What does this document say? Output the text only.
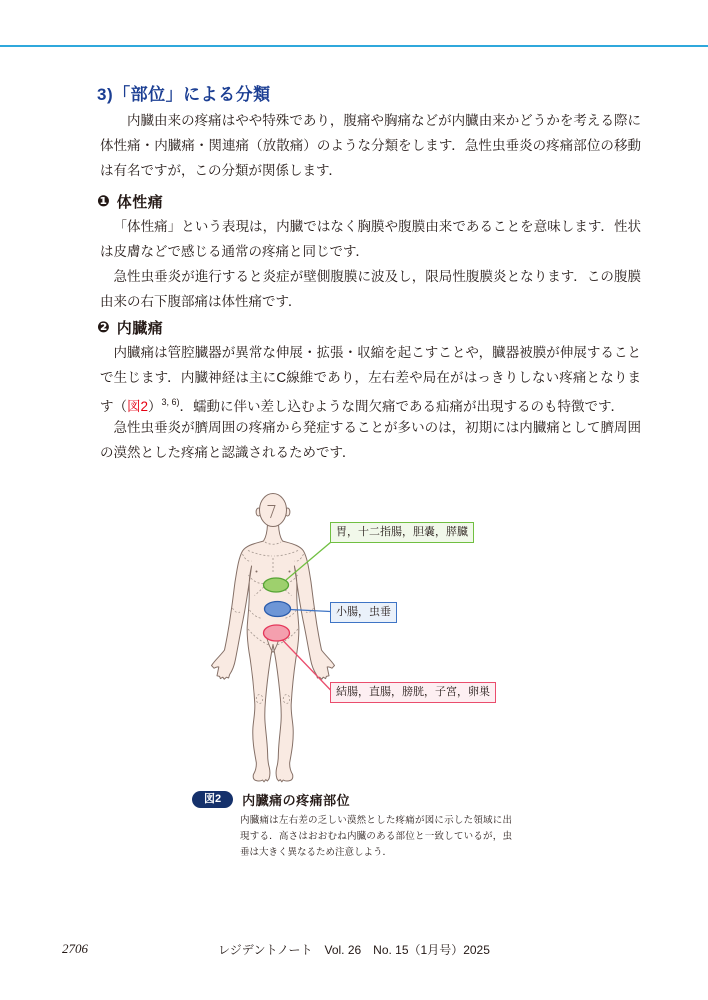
3)「部位」による分類

内臓由来の疼痛はやや特殊であり，腹痛や胸痛などが内臓由来かどうかを考える際に体性痛・内臓痛・関連痛（放散痛）のような分類をします．急性虫垂炎の疼痛部位の移動は有名ですが，この分類が関係します．

❶ 体性痛

「体性痛」という表現は，内臓ではなく胸膜や腹膜由来であることを意味します．性状は皮膚などで感じる通常の疼痛と同じです．

急性虫垂炎が進行すると炎症が壁側腹膜に波及し，限局性腹膜炎となります．この腹膜由来の右下腹部痛は体性痛です．

❷ 内臓痛

内臓痛は管腔臓器が異常な伸展・拡張・収縮を起こすことや，臓器被膜が伸展することで生じます．内臓神経は主にC線維であり，左右差や局在がはっきりしない疼痛となります（図2）$^{3, 6)}$．蠕動に伴い差し込むような間欠痛である疝痛が出現するのも特徴です．

急性虫垂炎が臍周囲の疼痛から発症することが多いのは，初期には内臓痛として臍周囲の漠然とした疼痛と認識されるためです．

胃，十二指腸，胆嚢，膵臓
小腸，虫垂
結腸，直腸，膀胱，子宮，卵巣
図2	内臓痛の疼痛部位
内臓痛は左右差の乏しい漠然とした疼痛が図に示した領域に出現する．高さはおおむね内臓のある部位と一致しているが，虫垂は大きく異なるため注意しよう．
2706	レジデントノート　Vol. 26　No. 15（1月号）2025
